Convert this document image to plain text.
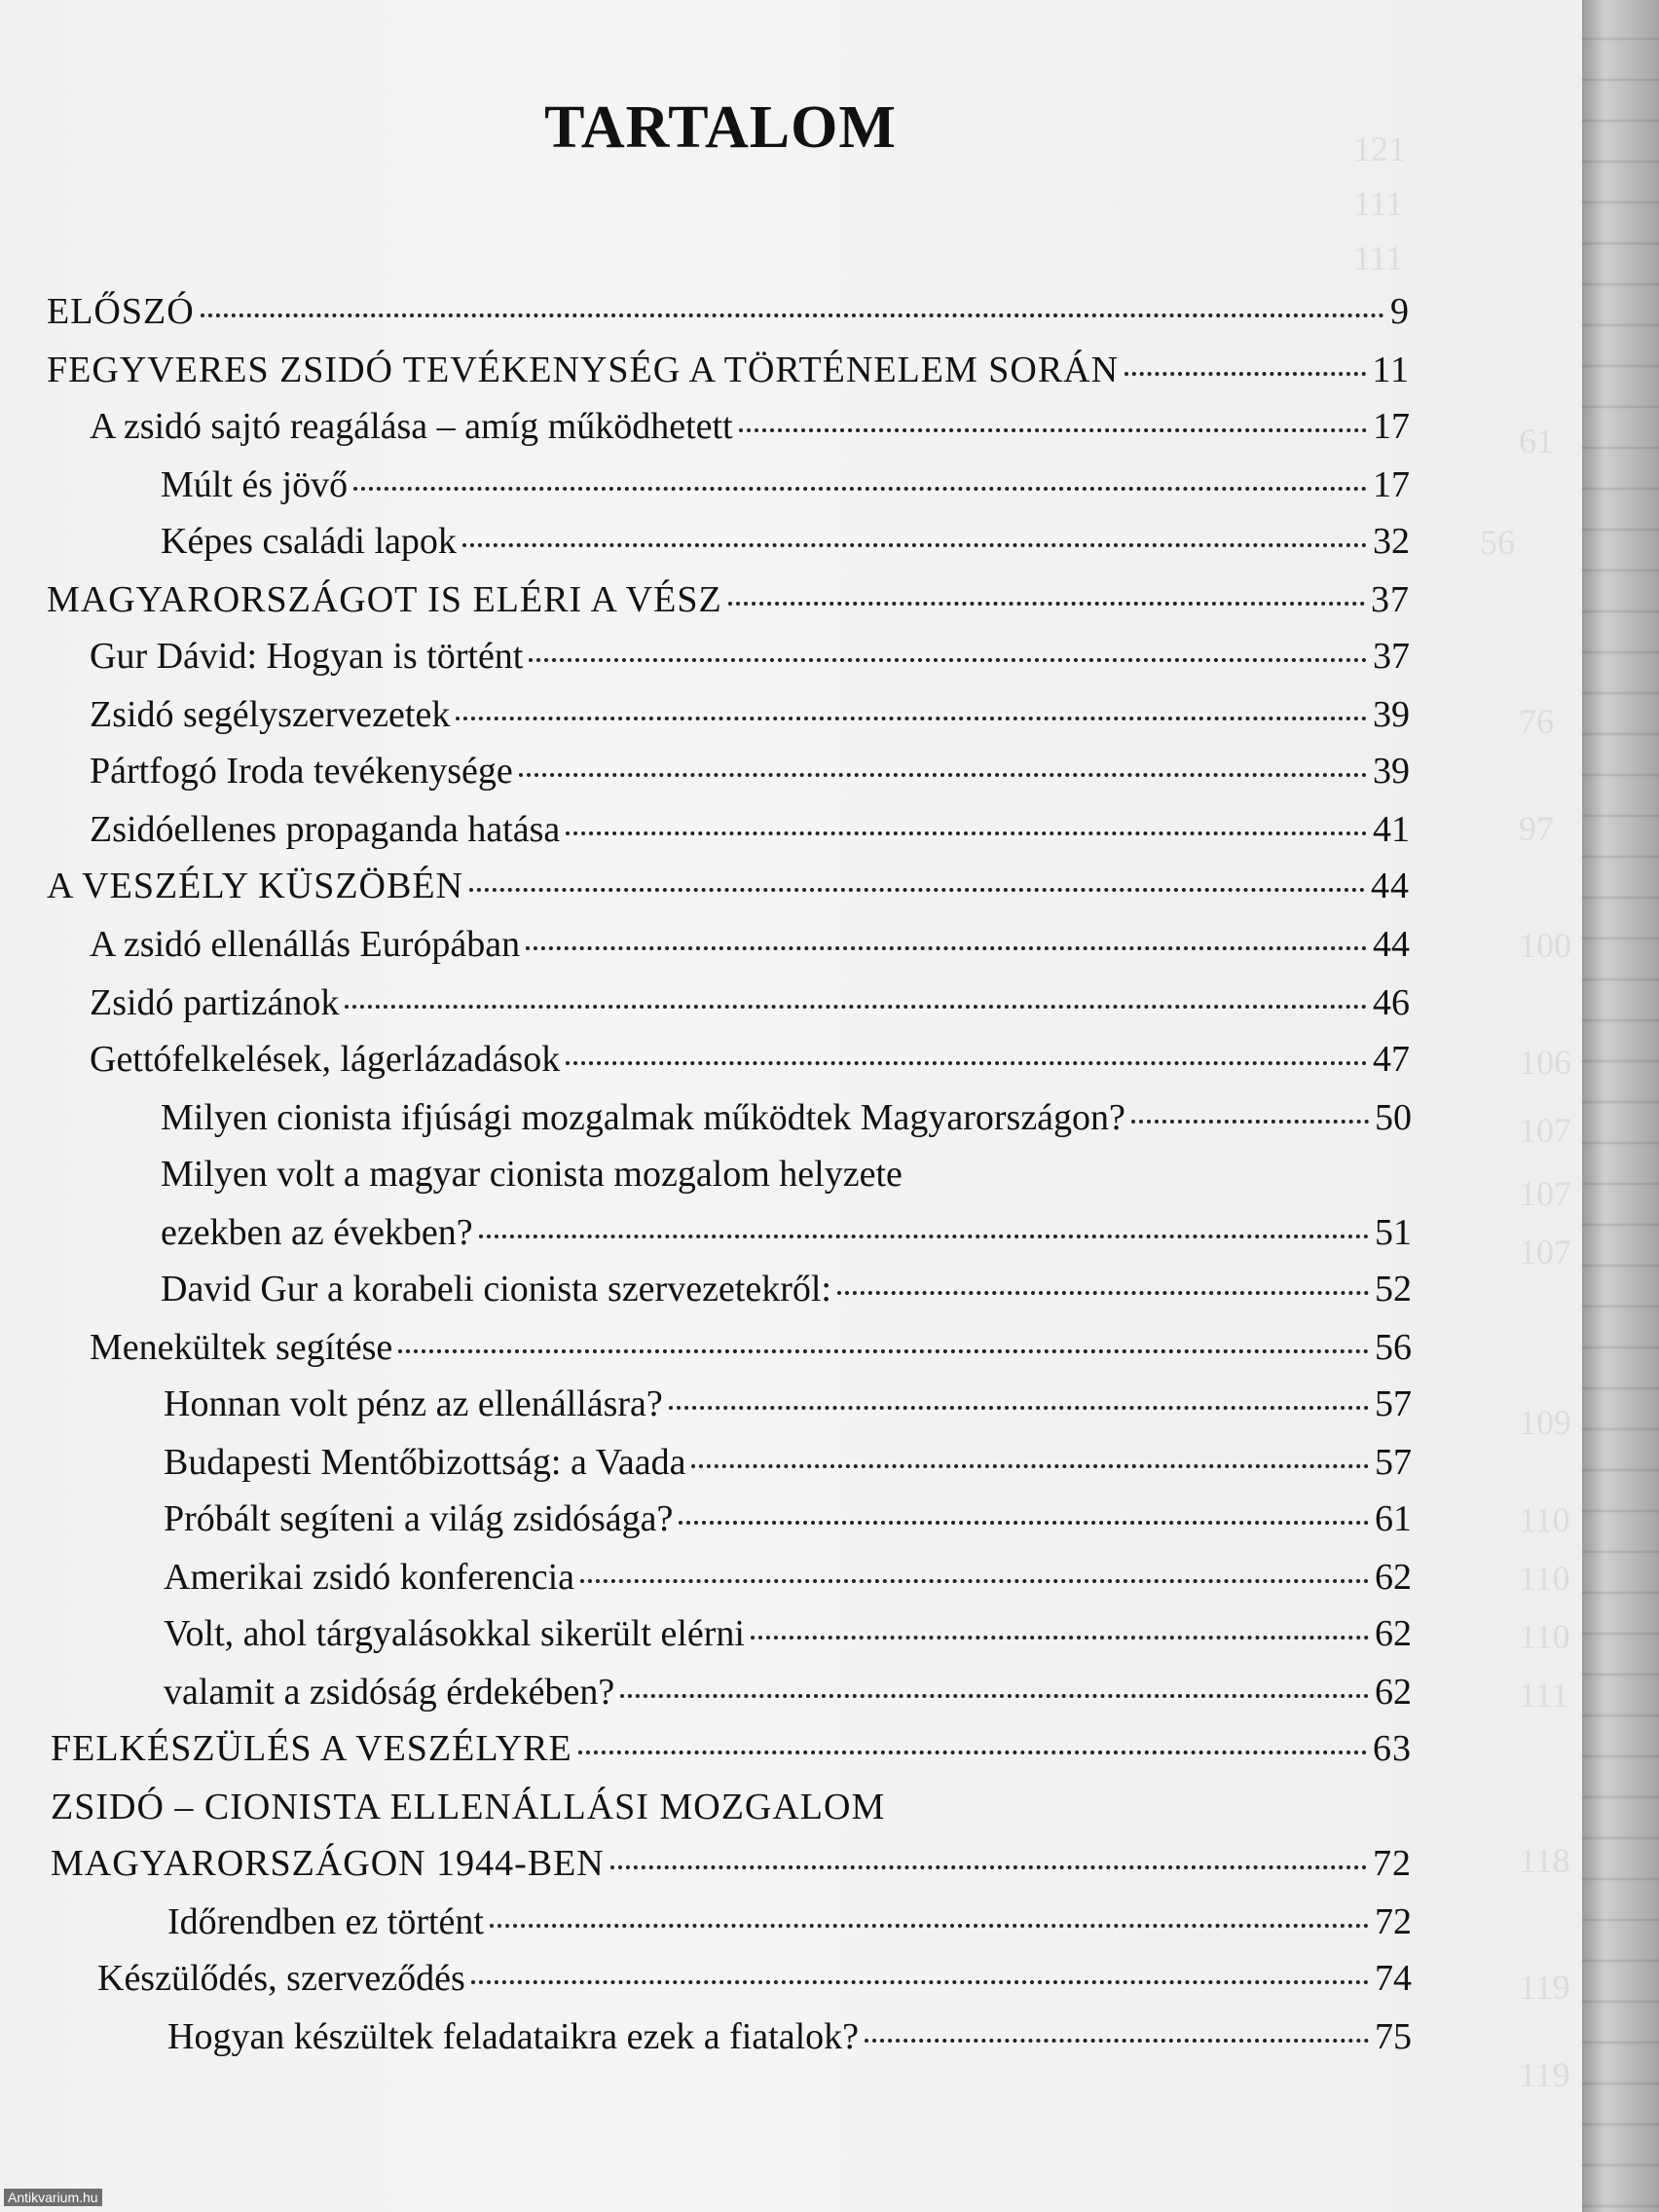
121
111
111
61
56
76
97
100
106
107
107
107
109
110
110
110
111
118
119
119
TARTALOM
ELŐSZÓ	9
FEGYVERES ZSIDÓ TEVÉKENYSÉG A TÖRTÉNELEM SORÁN	11
A zsidó sajtó reagálása – amíg működhetett	17
Múlt és jövő	17
Képes családi lapok	32
MAGYARORSZÁGOT IS ELÉRI A VÉSZ	37
Gur Dávid: Hogyan is történt	37
Zsidó segélyszervezetek	39
Pártfogó Iroda tevékenysége	39
Zsidóellenes propaganda hatása	41
A VESZÉLY KÜSZÖBÉN	44
A zsidó ellenállás Európában	44
Zsidó partizánok	46
Gettófelkelések, lágerlázadások	47
Milyen cionista ifjúsági mozgalmak működtek Magyarországon?	50
Milyen volt a magyar cionista mozgalom helyzete
ezekben az években?	51
David Gur a korabeli cionista szervezetekről:	52
Menekültek segítése	56
Honnan volt pénz az ellenállásra?	57
Budapesti Mentőbizottság: a Vaada	57
Próbált segíteni a világ zsidósága?	61
Amerikai zsidó konferencia	62
Volt, ahol tárgyalásokkal sikerült elérni	62
valamit a zsidóság érdekében?	62
FELKÉSZÜLÉS A VESZÉLYRE	63
ZSIDÓ – CIONISTA ELLENÁLLÁSI MOZGALOM
MAGYARORSZÁGON 1944-BEN	72
Időrendben ez történt	72
Készülődés, szerveződés	74
Hogyan készültek feladataikra ezek a fiatalok?	75
Antikvarium.hu
